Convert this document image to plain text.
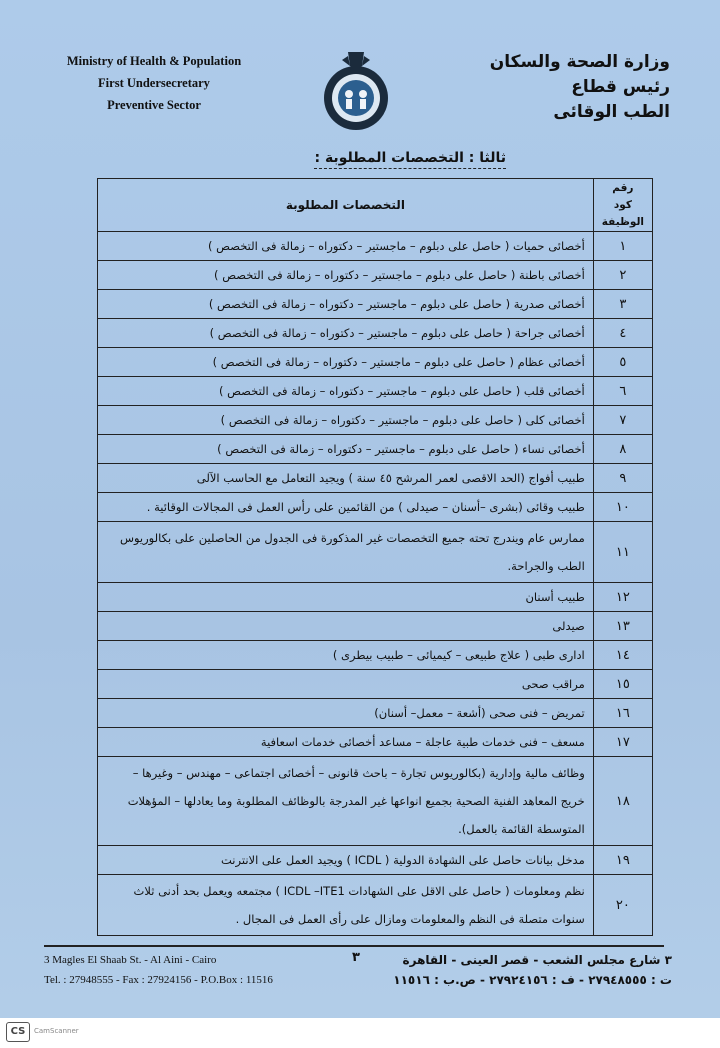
Ministry of Health & Population
First Undersecretary
Preventive Sector
وزارة الصحة والسكان
رئيس قطاع
الطب الوقائى
ثالثا : التخصصات المطلوبة :
رقم كود الوظيفة	التخصصات المطلوبة
١	أخصائى حميات ( حاصل على دبلوم – ماجستير – دكتوراه – زمالة فى التخصص )
٢	أخصائى باطنة ( حاصل على دبلوم – ماجستير – دكتوراه – زمالة فى التخصص )
٣	أخصائى صدرية ( حاصل على دبلوم – ماجستير – دكتوراه – زمالة فى التخصص )
٤	أخصائى جراحة ( حاصل على دبلوم – ماجستير – دكتوراه – زمالة فى التخصص )
٥	أخصائى عظام ( حاصل على دبلوم – ماجستير – دكتوراه – زمالة فى التخصص )
٦	أخصائى قلب ( حاصل على دبلوم – ماجستير – دكتوراه – زمالة فى التخصص )
٧	أخصائى كلى ( حاصل على دبلوم – ماجستير – دكتوراه – زمالة فى التخصص )
٨	أخصائى نساء ( حاصل على دبلوم – ماجستير – دكتوراه – زمالة فى التخصص )
٩	طبيب أفواج (الحد الاقصى لعمر المرشح ٤٥ سنة ) ويجيد التعامل مع الحاسب الآلى
١٠	طبيب وقائى (بشرى –أسنان – صيدلى ) من القائمين على رأس العمل فى المجالات الوقائية .
١١	ممارس عام ويندرج تحته جميع التخصصات غير المذكورة فى الجدول من الحاصلين على بكالوريوس الطب والجراحة.
١٢	طبيب أسنان
١٣	صيدلى
١٤	ادارى طبى ( علاج طبيعى – كيميائى – طبيب بيطرى )
١٥	مراقب صحى
١٦	تمريض – فنى صحى (أشعة – معمل– أسنان)
١٧	مسعف – فنى خدمات طبية عاجلة – مساعد أخصائى خدمات اسعافية
١٨	وظائف مالية وإدارية (بكالوريوس تجارة – باحث قانونى – أخصائى اجتماعى – مهندس – وغيرها – خريج المعاهد الفنية الصحية بجميع انواعها غير المدرجة بالوظائف المطلوبة وما يعادلها – المؤهلات المتوسطة القائمة بالعمل).
١٩	مدخل بيانات حاصل على الشهادة الدولية ( ICDL ) ويجيد العمل على الانترنت
٢٠	نظم ومعلومات ( حاصل على الاقل على الشهادات ICDL –ITE1 ) مجتمعه ويعمل بحد أدنى ثلاث سنوات متصلة فى النظم والمعلومات ومازال على رأى العمل فى المجال .
3 Magles El Shaab St. - Al Aini - Cairo
Tel. : 27948555 - Fax : 27924156 - P.O.Box : 11516
٣	٣ شارع مجلس الشعب - قصر العينى - القاهرة
ت : ٢٧٩٤٨٥٥٥ - ف : ٢٧٩٢٤١٥٦ - ص.ب : ١١٥١٦
CS	CamScanner
